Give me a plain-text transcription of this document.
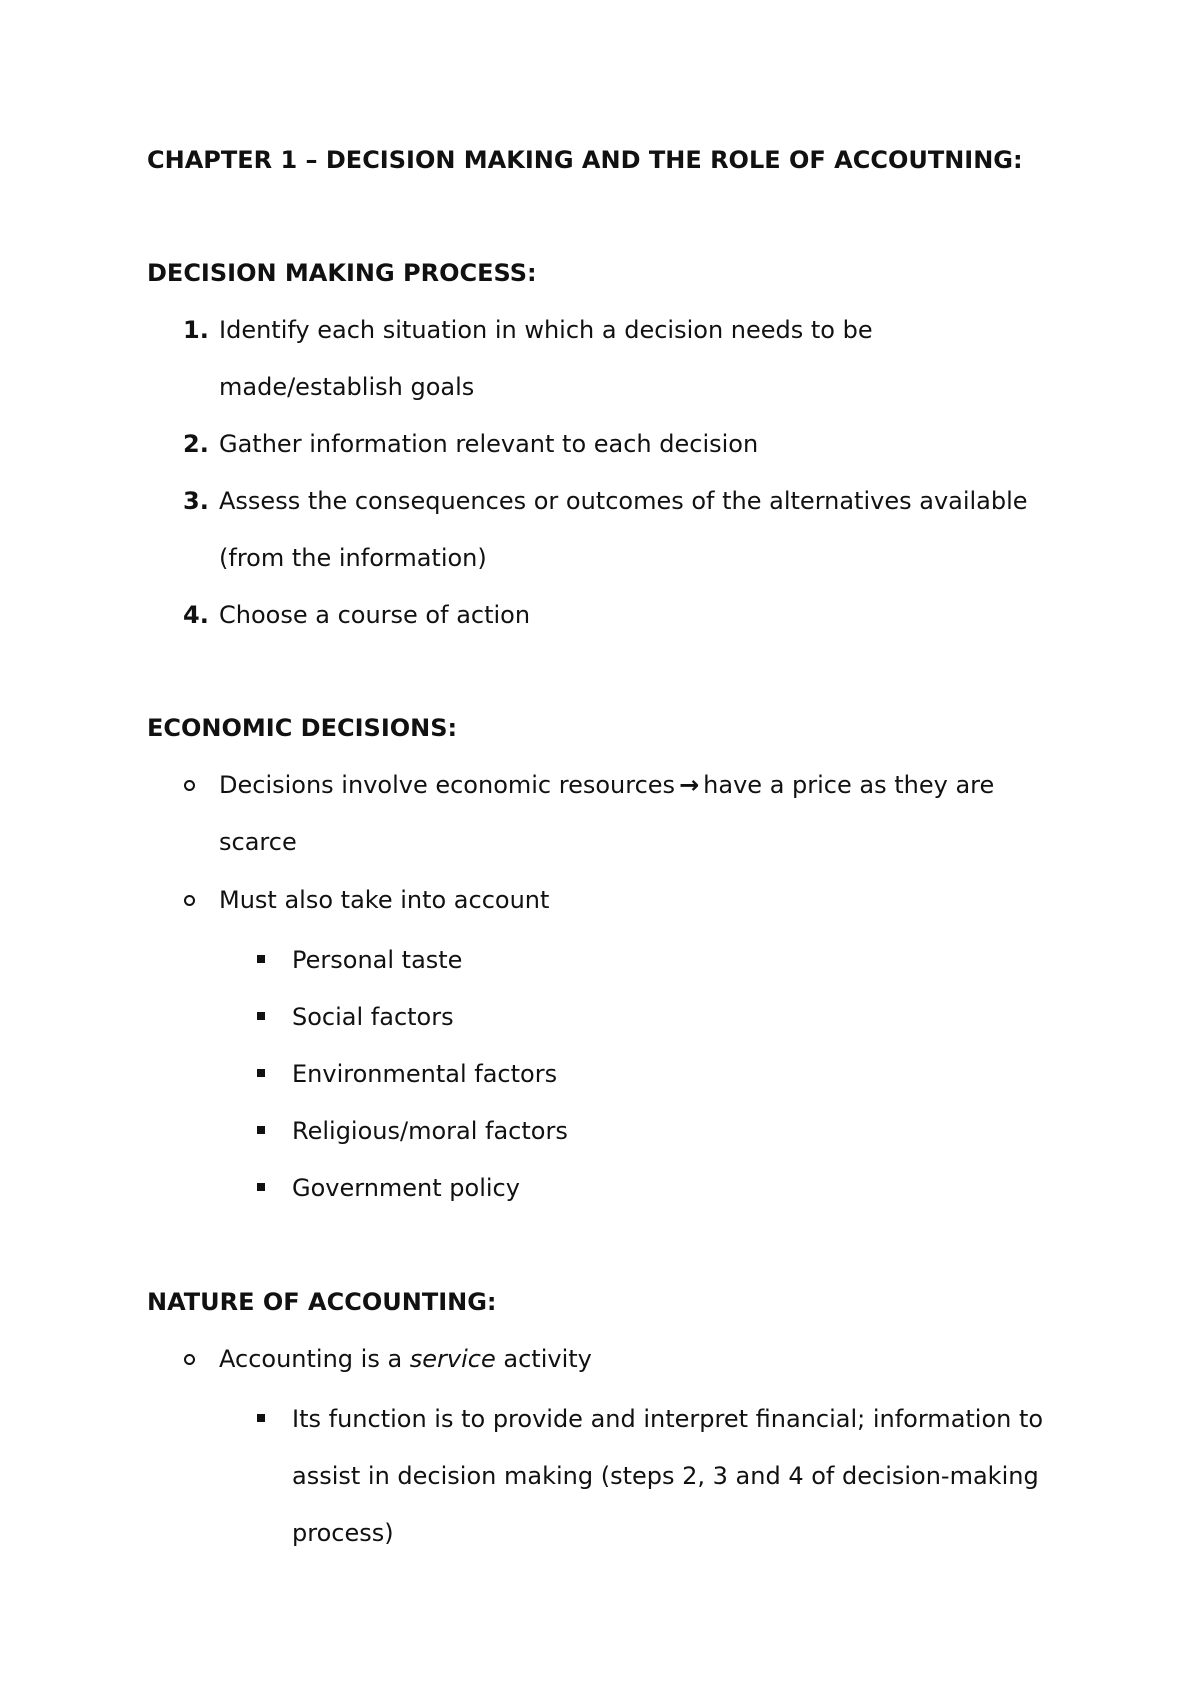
CHAPTER 1 – DECISION MAKING AND THE ROLE OF ACCOUTNING:
DECISION MAKING PROCESS:
1. Identify each situation in which a decision needs to be
made/establish goals
2. Gather information relevant to each decision
3. Assess the consequences or outcomes of the alternatives available
(from the information)
4. Choose a course of action
ECONOMIC DECISIONS:
Decisions involve economic resources → have a price as they are
scarce
Must also take into account
Personal taste
Social factors
Environmental factors
Religious/moral factors
Government policy
NATURE OF ACCOUNTING:
Accounting is a service activity
Its function is to provide and interpret financial; information to
assist in decision making (steps 2, 3 and 4 of decision-making
process)
